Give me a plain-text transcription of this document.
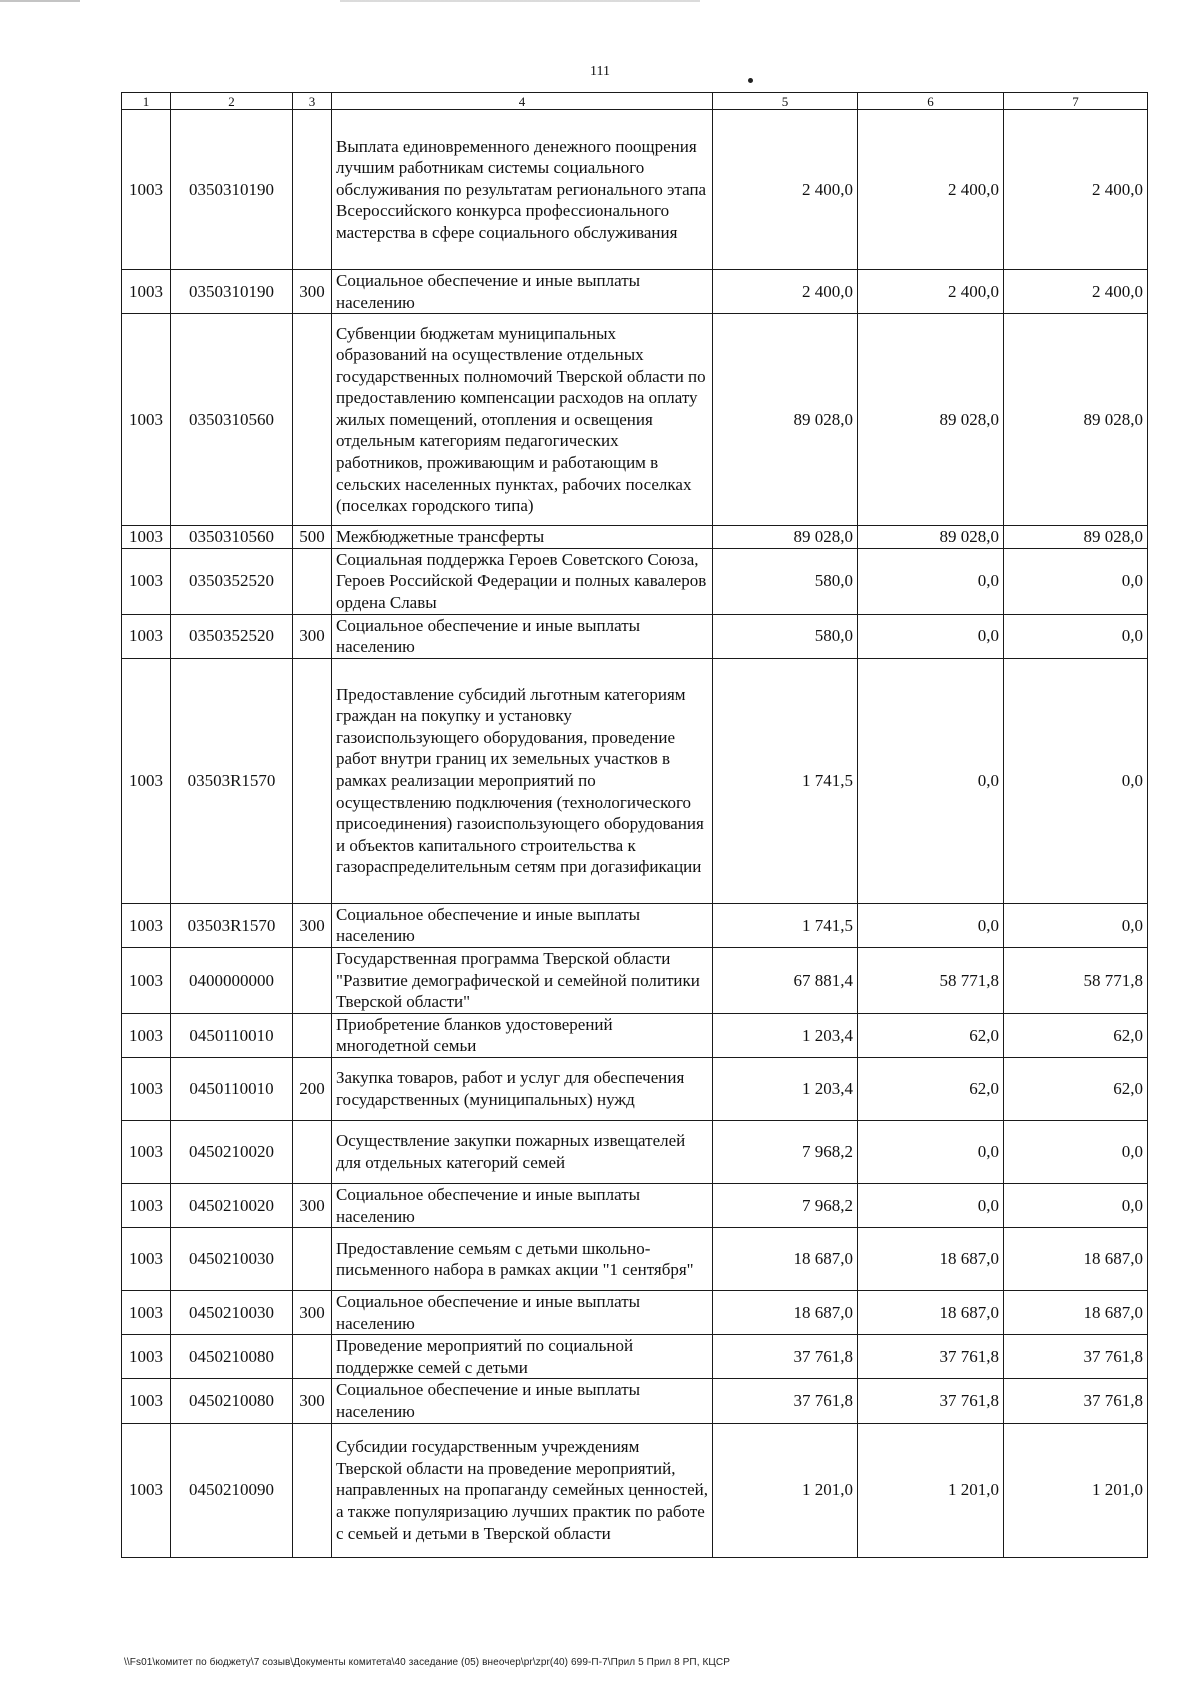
111
1	2	3	4	5	6	7
1003	0350310190		Выплата единовременного денежного поощрения лучшим работникам системы социального обслуживания по результатам регионального этапа Всероссийского конкурса профессионального мастерства в сфере социального обслуживания	2 400,0	2 400,0	2 400,0
1003	0350310190	300	Социальное обеспечение и иные выплаты населению	2 400,0	2 400,0	2 400,0
1003	0350310560		Субвенции бюджетам муниципальных образований на осуществление отдельных государственных полномочий Тверской области по предоставлению компенсации расходов на оплату жилых помещений, отопления и освещения отдельным категориям педагогических работников, проживающим и работающим в сельских населенных пунктах, рабочих поселках (поселках городского типа)	89 028,0	89 028,0	89 028,0
1003	0350310560	500	Межбюджетные трансферты	89 028,0	89 028,0	89 028,0
1003	0350352520		Социальная поддержка Героев Советского Союза, Героев Российской Федерации и полных кавалеров ордена Славы	580,0	0,0	0,0
1003	0350352520	300	Социальное обеспечение и иные выплаты населению	580,0	0,0	0,0
1003	03503R1570		Предоставление субсидий льготным категориям граждан на покупку и установку газоиспользующего оборудования, проведение работ внутри границ их земельных участков в рамках реализации мероприятий по осуществлению подключения (технологического присоединения) газоиспользующего оборудования и объектов капитального строительства к газораспределительным сетям при догазификации	1 741,5	0,0	0,0
1003	03503R1570	300	Социальное обеспечение и иные выплаты населению	1 741,5	0,0	0,0
1003	0400000000		Государственная программа Тверской области "Развитие демографической и семейной политики Тверской области"	67 881,4	58 771,8	58 771,8
1003	0450110010		Приобретение бланков удостоверений многодетной семьи	1 203,4	62,0	62,0
1003	0450110010	200	Закупка товаров, работ и услуг для обеспечения государственных (муниципальных) нужд	1 203,4	62,0	62,0
1003	0450210020		Осуществление закупки пожарных извещателей для отдельных категорий семей	7 968,2	0,0	0,0
1003	0450210020	300	Социальное обеспечение и иные выплаты населению	7 968,2	0,0	0,0
1003	0450210030		Предоставление семьям с детьми школьно-письменного набора в рамках акции "1 сентября"	18 687,0	18 687,0	18 687,0
1003	0450210030	300	Социальное обеспечение и иные выплаты населению	18 687,0	18 687,0	18 687,0
1003	0450210080		Проведение мероприятий по социальной поддержке семей с детьми	37 761,8	37 761,8	37 761,8
1003	0450210080	300	Социальное обеспечение и иные выплаты населению	37 761,8	37 761,8	37 761,8
1003	0450210090		Субсидии государственным учреждениям Тверской области на проведение мероприятий, направленных на пропаганду семейных ценностей, а также популяризацию лучших практик по работе с семьей и детьми в Тверской области	1 201,0	1 201,0	1 201,0
\\Fs01\комитет по бюджету\7 созыв\Документы комитета\40 заседание (05) внеочер\pr\zpr(40) 699-П-7\Прил 5 Прил 8 РП, КЦСР
